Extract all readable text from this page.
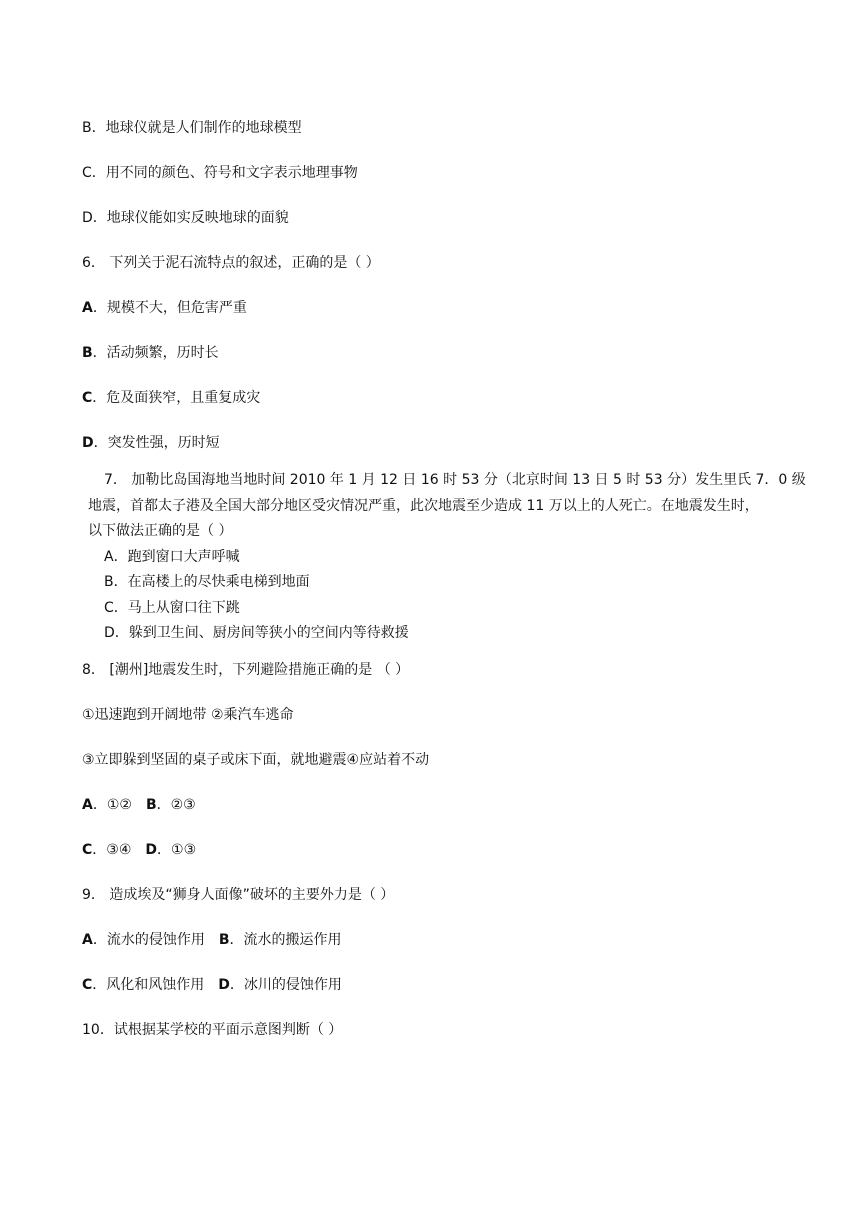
B．地球仪就是人们制作的地球模型
C．用不同的颜色、符号和文字表示地理事物
D．地球仪能如实反映地球的面貌
6． 下列关于泥石流特点的叙述，正确的是（ ）
A．规模不大，但危害严重
B．活动频繁，历时长
C．危及面狭窄，且重复成灾
D．突发性强，历时短
7． 加勒比岛国海地当地时间 2010 年 1 月 12 日 16 时 53 分（北京时间 13 日 5 时 53 分）发生里氏 7．0 级
地震，首都太子港及全国大部分地区受灾情况严重，此次地震至少造成 11 万以上的人死亡。在地震发生时，
以下做法正确的是（ ）
A．跑到窗口大声呼喊
B．在高楼上的尽快乘电梯到地面
C．马上从窗口往下跳
D．躲到卫生间、厨房间等狭小的空间内等待救援
8． [潮州]地震发生时，下列避险措施正确的是 （ ）
①迅速跑到开阔地带 ②乘汽车逃命
③立即躲到坚固的桌子或床下面，就地避震④应站着不动
A．①② B．②③
C．③④ D．①③
9． 造成埃及“狮身人面像”破坏的主要外力是（ ）
A．流水的侵蚀作用 B．流水的搬运作用
C．风化和风蚀作用 D．冰川的侵蚀作用
10．试根据某学校的平面示意图判断（ ）
